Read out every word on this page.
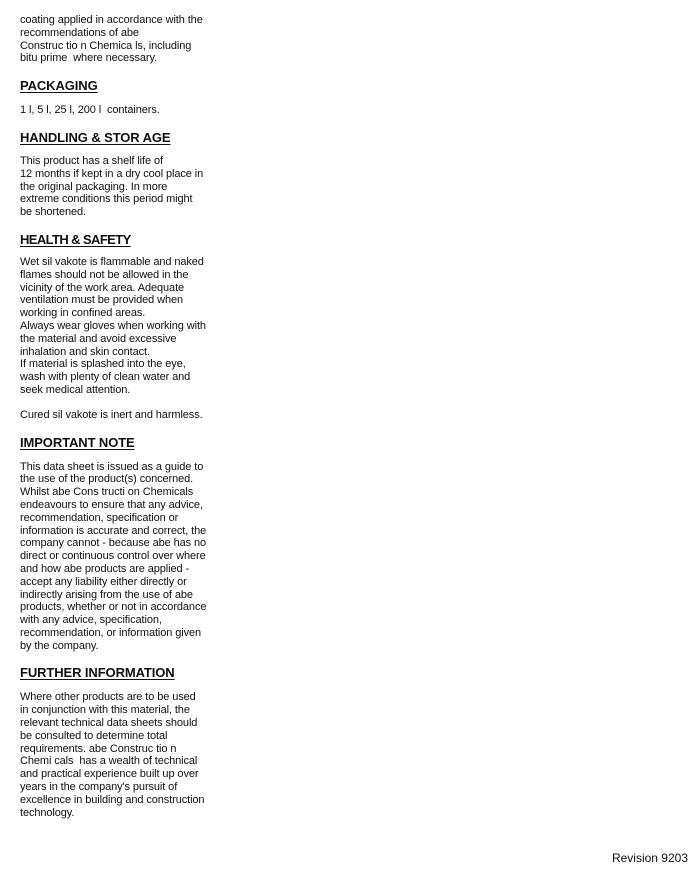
coating applied in accordance with the
recommendations of abe
Construc tio n Chemica ls, including
bitu prime  where necessary.

PACKAGING

1 l, 5 l, 25 l, 200 l  containers.

HANDLING & STOR AGE

This product has a shelf life of
12 months if kept in a dry cool place in
the original packaging. In more
extreme conditions this period might
be shortened.

HEALTH & SAFETY

Wet sil vakote is flammable and naked
flames should not be allowed in the
vicinity of the work area. Adequate
ventilation must be provided when
working in confined areas.
Always wear gloves when working with
the material and avoid excessive
inhalation and skin contact.
If material is splashed into the eye,
wash with plenty of clean water and
seek medical attention.

Cured sil vakote is inert and harmless.

IMPORTANT NOTE

This data sheet is issued as a guide to
the use of the product(s) concerned.
Whilst abe Cons tructi on Chemicals
endeavours to ensure that any advice,
recommendation, specification or
information is accurate and correct, the
company cannot - because abe has no
direct or continuous control over where
and how abe products are applied -
accept any liability either directly or
indirectly arising from the use of abe
products, whether or not in accordance
with any advice, specification,
recommendation, or information given
by the company.

FURTHER INFORMATION

Where other products are to be used
in conjunction with this material, the
relevant technical data sheets should
be consulted to determine total
requirements. abe Construc tio n
Chemi cals  has a wealth of technical
and practical experience built up over
years in the company's pursuit of
excellence in building and construction
technology.

Revision 9203
